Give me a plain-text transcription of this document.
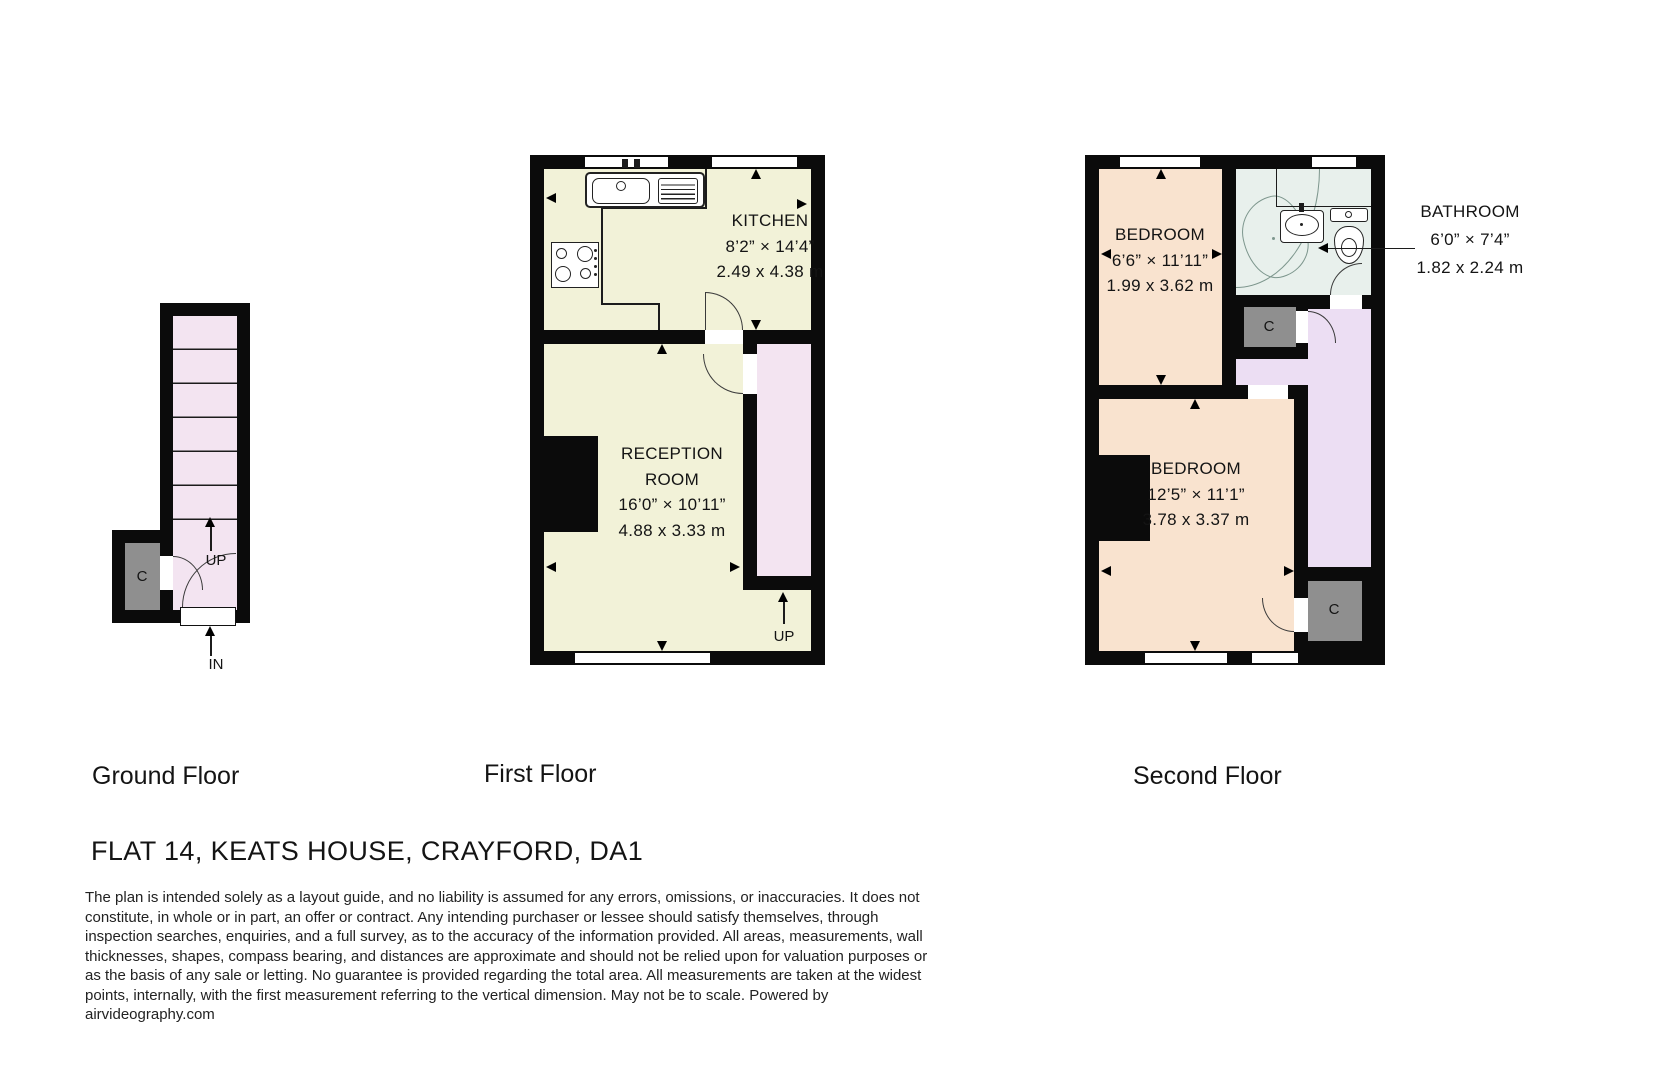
UP
C
IN
Ground Floor
UP
KITCHEN
8’2” × 14’4”
2.49 x 4.38 m
RECEPTION
ROOM
16’0” × 10’11”
4.88 x 3.33 m
First Floor
BEDROOM
6’6” × 11’11”
1.99 x 3.62 m
BEDROOM
12’5” × 11’1”
3.78 x 3.37 m
BATHROOM
6’0” × 7’4”
1.82 x 2.24 m
C
C
Second Floor
FLAT 14, KEATS HOUSE, CRAYFORD, DA1
The plan is intended solely as a layout guide, and no liability is assumed for any errors, omissions, or inaccuracies. It does not constitute, in whole or in part, an offer or contract. Any intending purchaser or lessee should satisfy themselves, through inspection searches, enquiries, and a full survey, as to the accuracy of the information provided. All areas, measurements, wall thicknesses, shapes, compass bearing, and distances are approximate and should not be relied upon for valuation purposes or as the basis of any sale or letting. No guarantee is provided regarding the total area. All measurements are taken at the widest points, internally, with the first measurement referring to the vertical dimension. May not be to scale. Powered by airvideography.com
